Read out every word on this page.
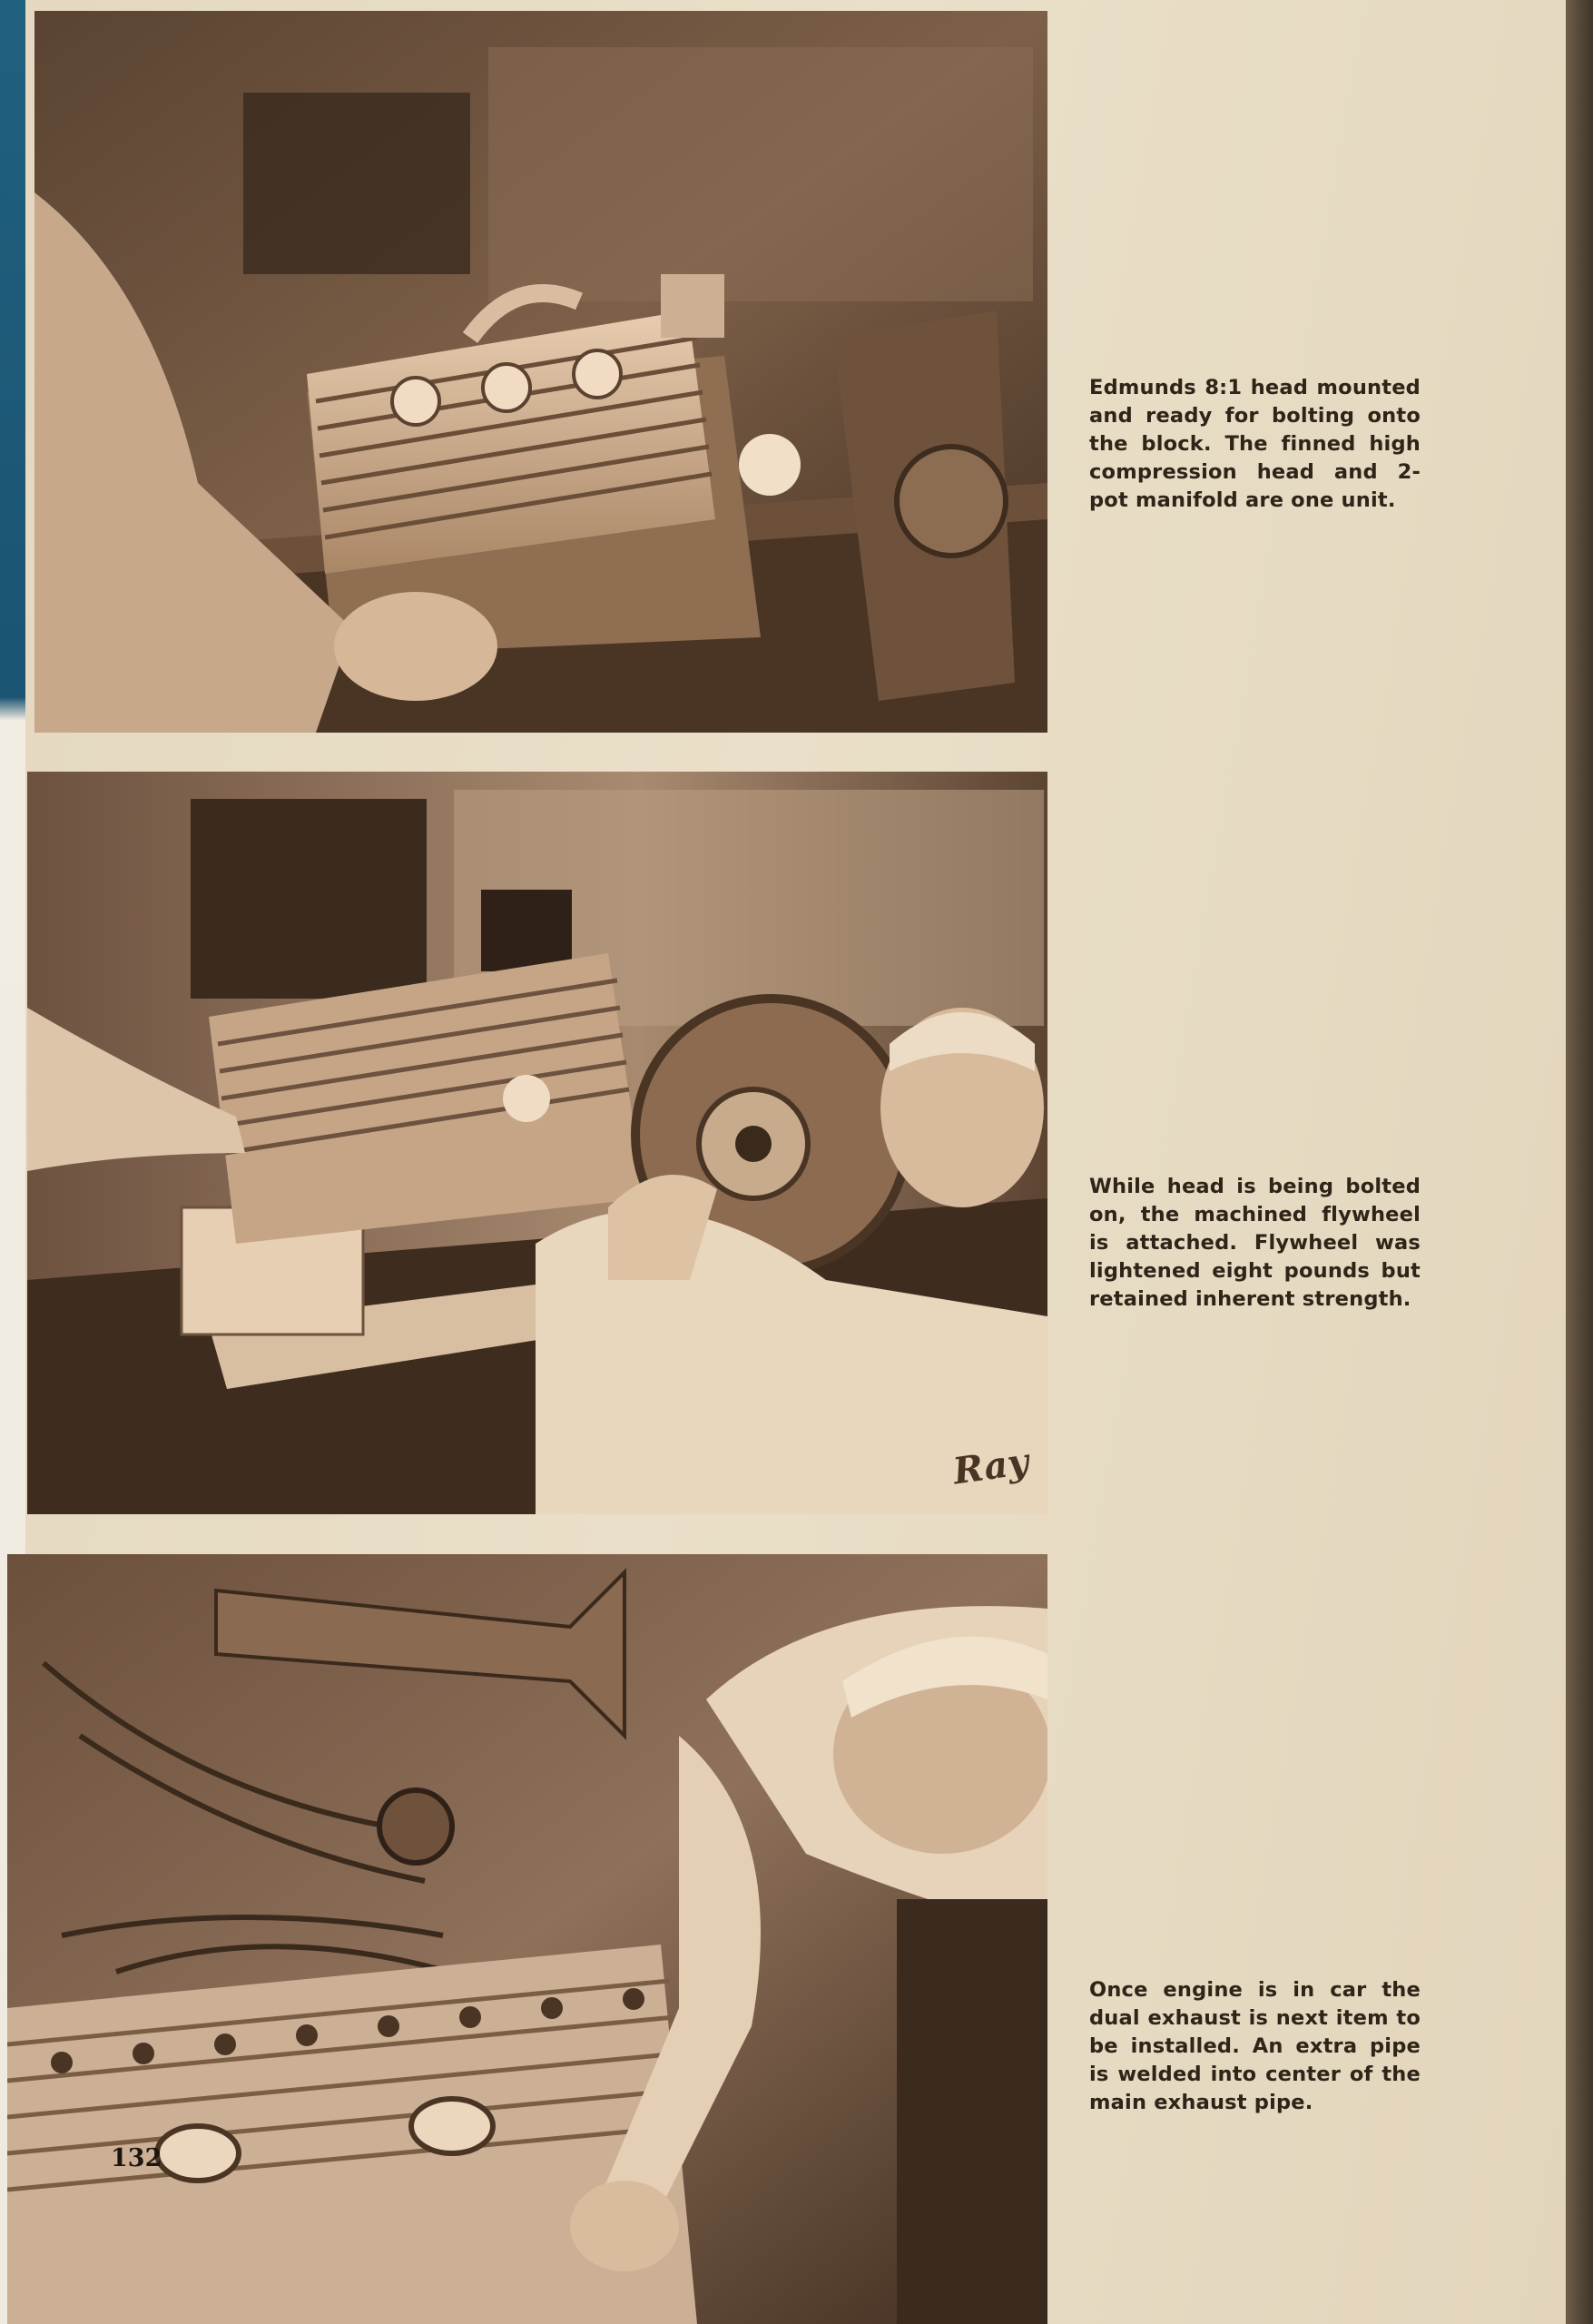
Ray
Edmunds 8:1 head mounted and ready for bolting onto the block. The finned high compression head and 2-pot manifold are one unit.
While head is being bolted on, the machined flywheel is attached. Flywheel was lightened eight pounds but retained inherent strength.
Once engine is in car the dual exhaust is next item to be installed. An extra pipe is welded into center of the main exhaust pipe.
132
